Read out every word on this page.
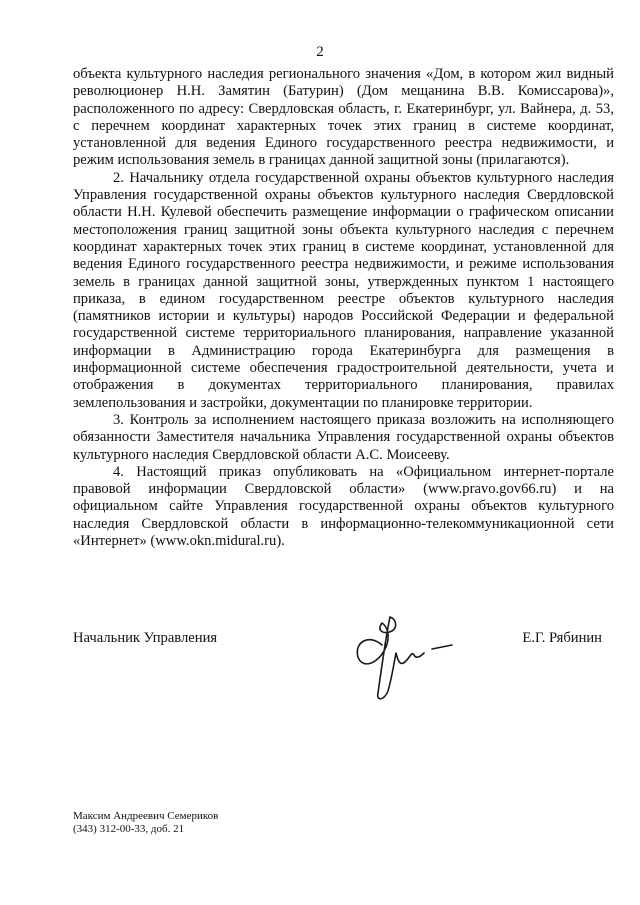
2

объекта культурного наследия регионального значения «Дом, в котором жил видный революционер Н.Н. Замятин (Батурин) (Дом мещанина В.В. Комиссарова)», расположенного по адресу: Свердловская область, г. Екатеринбург, ул. Вайнера, д. 53, с перечнем координат характерных точек этих границ в системе координат, установленной для ведения Единого государственного реестра недвижимости, и режим использования земель в границах данной защитной зоны (прилагаются).

2. Начальнику отдела государственной охраны объектов культурного наследия Управления государственной охраны объектов культурного наследия Свердловской области Н.Н. Кулевой обеспечить размещение информации о графическом описании местоположения границ защитной зоны объекта культурного наследия с перечнем координат характерных точек этих границ в системе координат, установленной для ведения Единого государственного реестра недвижимости, и режиме использования земель в границах данной защитной зоны, утвержденных пунктом 1 настоящего приказа, в едином государственном реестре объектов культурного наследия (памятников истории и культуры) народов Российской Федерации и федеральной государственной системе территориального планирования, направление указанной информации в Администрацию города Екатеринбурга для размещения в информационной системе обеспечения градостроительной деятельности, учета и отображения в документах территориального планирования, правилах землепользования и застройки, документации по планировке территории.

3. Контроль за исполнением настоящего приказа возложить на исполняющего обязанности Заместителя начальника Управления государственной охраны объектов культурного наследия Свердловской области А.С. Моисееву.

4. Настоящий приказ опубликовать на «Официальном интернет-портале правовой информации Свердловской области» (www.pravo.gov66.ru) и на официальном сайте Управления государственной охраны объектов культурного наследия Свердловской области в информационно-телекоммуникационной сети «Интернет» (www.okn.midural.ru).

Начальник Управления	Е.Г. Рябинин
Максим Андреевич Семериков
(343) 312-00-33, доб. 21
